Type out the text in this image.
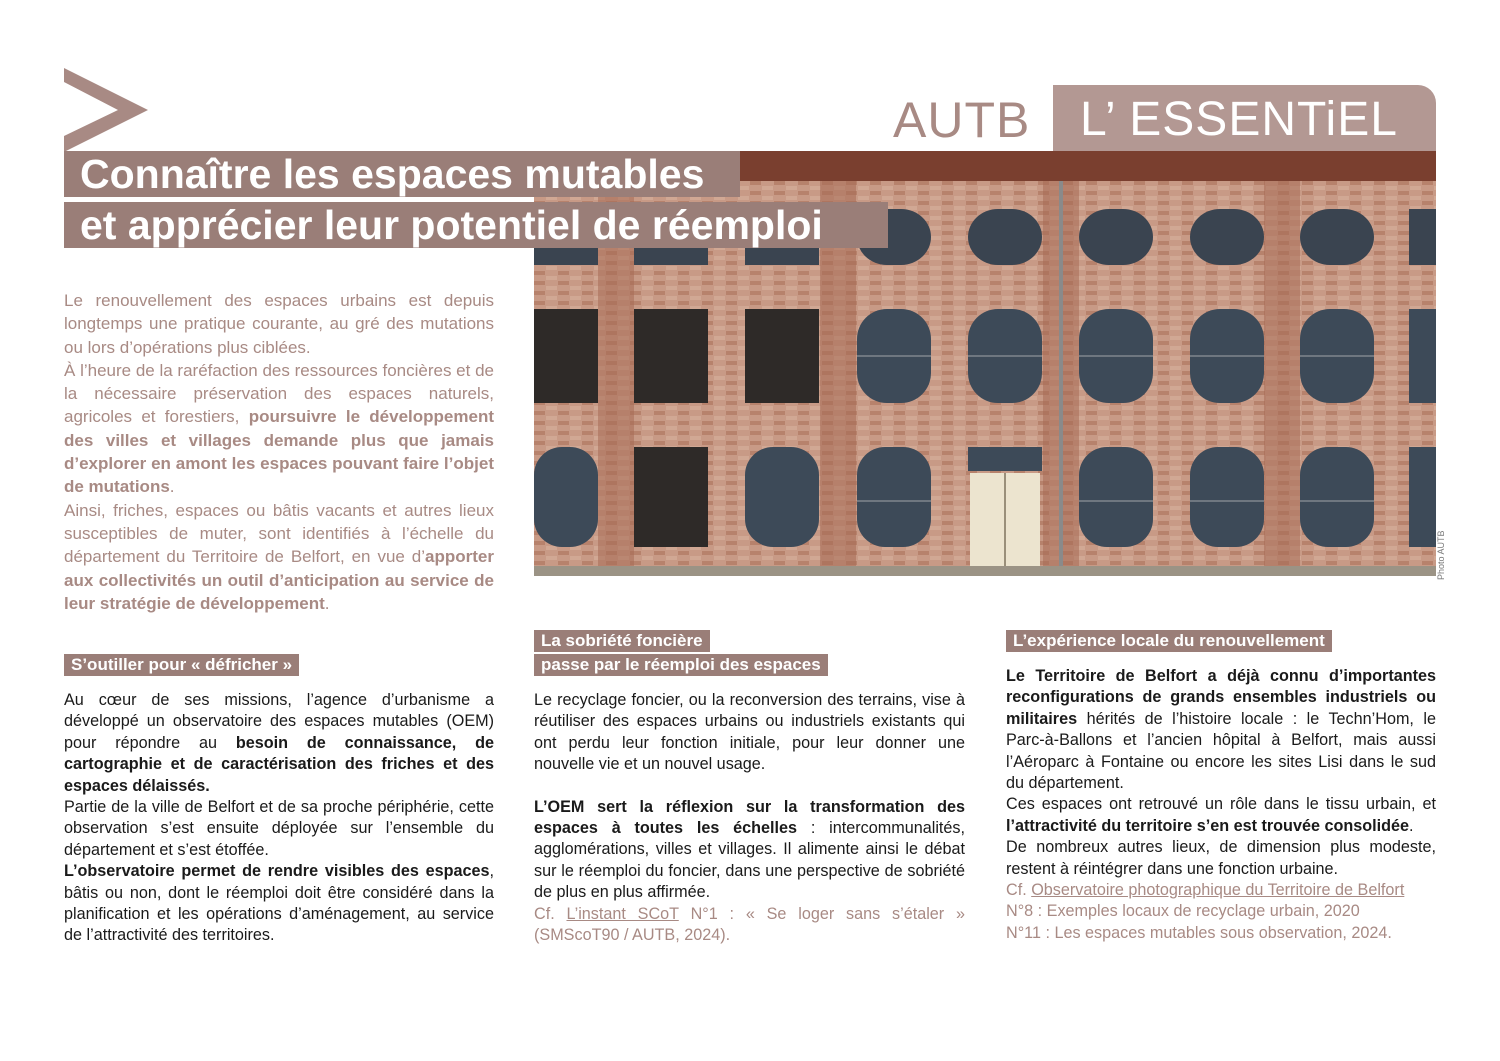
AUTB L’ ESSENTiEL
Photo AUTB
Connaître les espaces mutables
et apprécier leur potentiel de réemploi

Le renouvellement des espaces urbains est depuis longtemps une pratique courante, au gré des mutations ou lors d’opérations plus ciblées.

À l’heure de la raréfaction des ressources foncières et de la nécessaire préservation des espaces naturels, agricoles et forestiers, poursuivre le développement des villes et villages demande plus que jamais d’explorer en amont les espaces pouvant faire l’objet de mutations.

Ainsi, friches, espaces ou bâtis vacants et autres lieux susceptibles de muter, sont identifiés à l’échelle du département du Territoire de Belfort, en vue d’apporter aux collectivités un outil d’anticipation au service de leur stratégie de développement.

S’outiller pour « défricher »

Au cœur de ses missions, l’agence d’urbanisme a développé un observatoire des espaces mutables (OEM) pour répondre au besoin de connaissance, de cartographie et de caractérisation des friches et des espaces délaissés.

Partie de la ville de Belfort et de sa proche périphérie, cette observation s’est ensuite déployée sur l’ensemble du département et s’est étoffée.

L’observatoire permet de rendre visibles des espaces, bâtis ou non, dont le réemploi doit être considéré dans la planification et les opérations d’aménagement, au service de l’attractivité des territoires.

La sobriété foncière
passe par le réemploi des espaces

Le recyclage foncier, ou la reconversion des terrains, vise à réutiliser des espaces urbains ou industriels existants qui ont perdu leur fonction initiale, pour leur donner une nouvelle vie et un nouvel usage.

L’OEM sert la réflexion sur la transformation des espaces à toutes les échelles : intercommunalités, agglomérations, villes et villages. Il alimente ainsi le débat sur le réemploi du foncier, dans une perspective de sobriété de plus en plus affirmée.

Cf. L’instant SCoT N°1 : « Se loger sans s’étaler » (SMScoT90 / AUTB, 2024).

L’expérience locale du renouvellement

Le Territoire de Belfort a déjà connu d’importantes reconfigurations de grands ensembles industriels ou militaires hérités de l’histoire locale : le Techn’Hom, le Parc-à-Ballons et l’ancien hôpital à Belfort, mais aussi l’Aéroparc à Fontaine ou encore les sites Lisi dans le sud du département.

Ces espaces ont retrouvé un rôle dans le tissu urbain, et l’attractivité du territoire s’en est trouvée consolidée.

De nombreux autres lieux, de dimension plus modeste, restent à réintégrer dans une fonction urbaine.

Cf. Observatoire photographique du Territoire de Belfort
N°8 : Exemples locaux de recyclage urbain, 2020
N°11 : Les espaces mutables sous observation, 2024.
